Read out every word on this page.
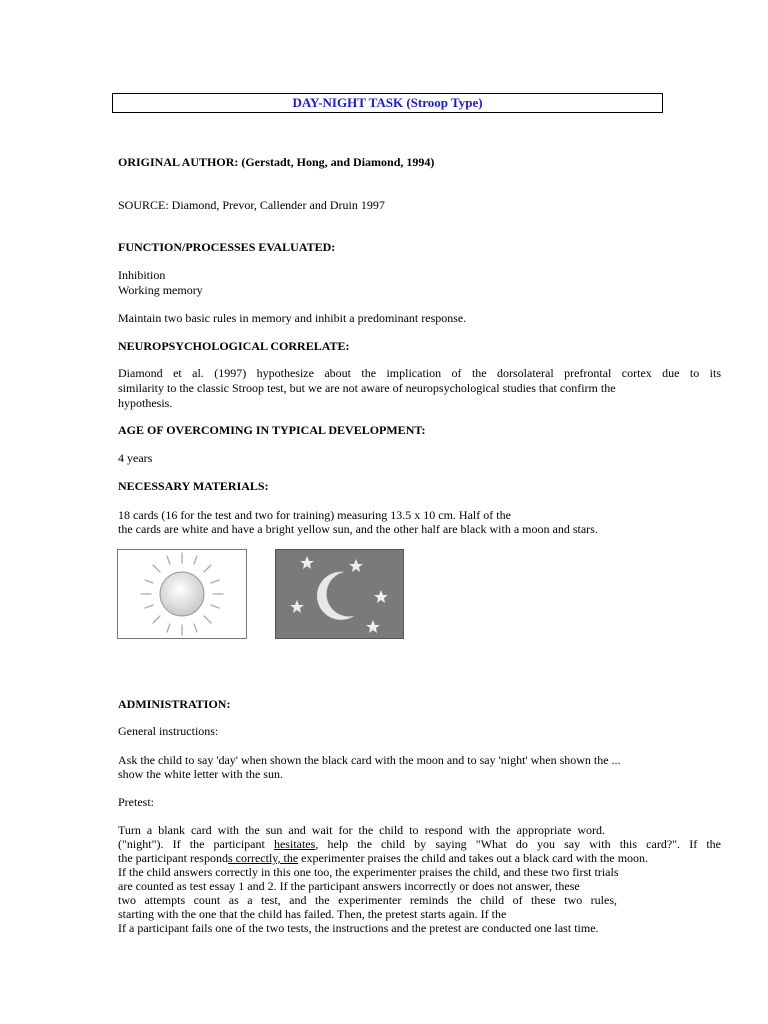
DAY-NIGHT TASK (Stroop Type)
ORIGINAL AUTHOR: (Gerstadt, Hong, and Diamond, 1994)
SOURCE: Diamond, Prevor, Callender and Druin 1997
FUNCTION/PROCESSES EVALUATED:
Inhibition
Working memory
Maintain two basic rules in memory and inhibit a predominant response.
NEUROPSYCHOLOGICAL CORRELATE:
Diamond et al. (1997) hypothesize about the implication of the dorsolateral prefrontal cortex due to its
similarity to the classic Stroop test, but we are not aware of neuropsychological studies that confirm the
hypothesis.
AGE OF OVERCOMING IN TYPICAL DEVELOPMENT:
4 years
NECESSARY MATERIALS:
18 cards (16 for the test and two for training) measuring 13.5 x 10 cm. Half of the
the cards are white and have a bright yellow sun, and the other half are black with a moon and stars.
ADMINISTRATION:
General instructions:
Ask the child to say 'day' when shown the black card with the moon and to say 'night' when shown the ...
show the white letter with the sun.
Pretest:
Turn a blank card with the sun and wait for the child to respond with the appropriate word.
("night"). If the participant hesitates, help the child by saying "What do you say with this card?". If the
the participant responds correctly, the experimenter praises the child and takes out a black card with the moon.
If the child answers correctly in this one too, the experimenter praises the child, and these two first trials
are counted as test essay 1 and 2. If the participant answers incorrectly or does not answer, these
two attempts count as a test, and the experimenter reminds the child of these two rules,
starting with the one that the child has failed. Then, the pretest starts again. If the
If a participant fails one of the two tests, the instructions and the pretest are conducted one last time.
